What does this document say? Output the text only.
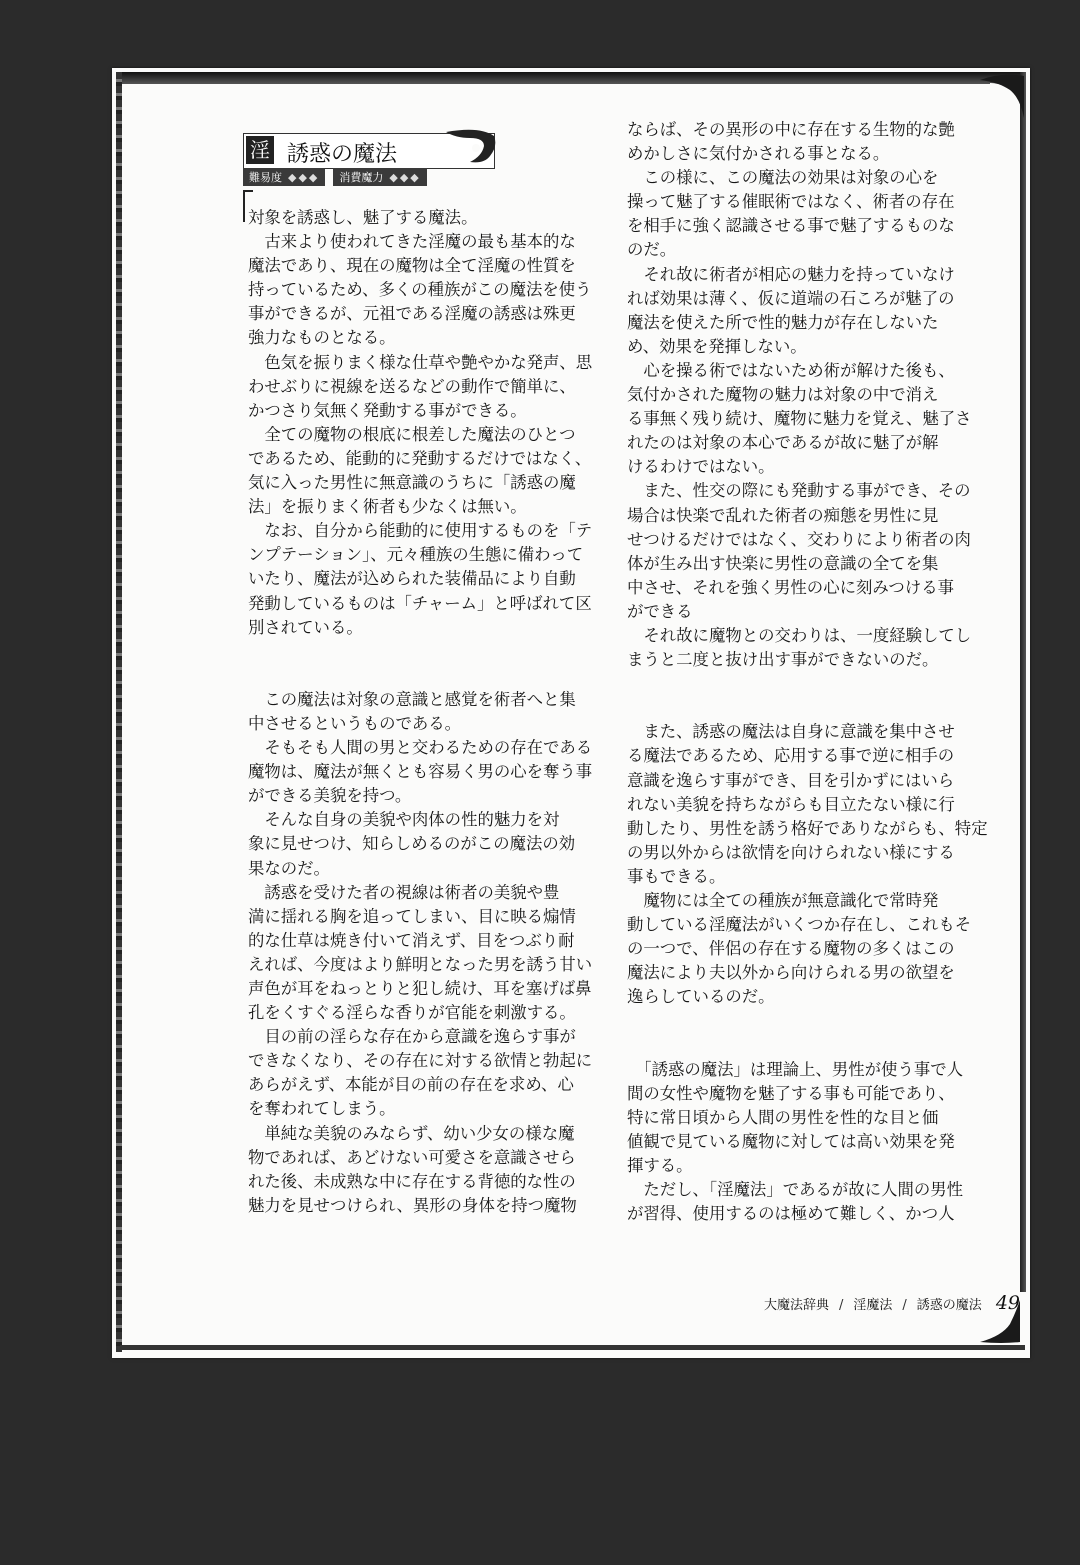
淫 誘惑の魔法
難易度 ◆◆◆ 消費魔力 ◆◆◆
対象を誘惑し、魅了する魔法。
　古来より使われてきた淫魔の最も基本的な
魔法であり、現在の魔物は全て淫魔の性質を
持っているため、多くの種族がこの魔法を使う
事ができるが、元祖である淫魔の誘惑は殊更
強力なものとなる。
　色気を振りまく様な仕草や艶やかな発声、思
わせぶりに視線を送るなどの動作で簡単に、
かつさり気無く発動する事ができる。
　全ての魔物の根底に根差した魔法のひとつ
であるため、能動的に発動するだけではなく、
気に入った男性に無意識のうちに「誘惑の魔
法」を振りまく術者も少なくは無い。
　なお、自分から能動的に使用するものを「テ
ンプテーション」、元々種族の生態に備わって
いたり、魔法が込められた装備品により自動
発動しているものは「チャーム」と呼ばれて区
別されている。
　この魔法は対象の意識と感覚を術者へと集
中させるというものである。
　そもそも人間の男と交わるための存在である
魔物は、魔法が無くとも容易く男の心を奪う事
ができる美貌を持つ。
　そんな自身の美貌や肉体の性的魅力を対
象に見せつけ、知らしめるのがこの魔法の効
果なのだ。
　誘惑を受けた者の視線は術者の美貌や豊
満に揺れる胸を追ってしまい、目に映る煽情
的な仕草は焼き付いて消えず、目をつぶり耐
えれば、今度はより鮮明となった男を誘う甘い
声色が耳をねっとりと犯し続け、耳を塞げば鼻
孔をくすぐる淫らな香りが官能を刺激する。
　目の前の淫らな存在から意識を逸らす事が
できなくなり、その存在に対する欲情と勃起に
あらがえず、本能が目の前の存在を求め、心
を奪われてしまう。
　単純な美貌のみならず、幼い少女の様な魔
物であれば、あどけない可愛さを意識させら
れた後、未成熟な中に存在する背徳的な性の
魅力を見せつけられ、異形の身体を持つ魔物
ならば、その異形の中に存在する生物的な艶
めかしさに気付かされる事となる。
　この様に、この魔法の効果は対象の心を
操って魅了する催眠術ではなく、術者の存在
を相手に強く認識させる事で魅了するものな
のだ。
　それ故に術者が相応の魅力を持っていなけ
れば効果は薄く、仮に道端の石ころが魅了の
魔法を使えた所で性的魅力が存在しないた
め、効果を発揮しない。
　心を操る術ではないため術が解けた後も、
気付かされた魔物の魅力は対象の中で消え
る事無く残り続け、魔物に魅力を覚え、魅了さ
れたのは対象の本心であるが故に魅了が解
けるわけではない。
　また、性交の際にも発動する事ができ、その
場合は快楽で乱れた術者の痴態を男性に見
せつけるだけではなく、交わりにより術者の肉
体が生み出す快楽に男性の意識の全てを集
中させ、それを強く男性の心に刻みつける事
ができる
　それ故に魔物との交わりは、一度経験してし
まうと二度と抜け出す事ができないのだ。
　また、誘惑の魔法は自身に意識を集中させ
る魔法であるため、応用する事で逆に相手の
意識を逸らす事ができ、目を引かずにはいら
れない美貌を持ちながらも目立たない様に行
動したり、男性を誘う格好でありながらも、特定
の男以外からは欲情を向けられない様にする
事もできる。
　魔物には全ての種族が無意識化で常時発
動している淫魔法がいくつか存在し、これもそ
の一つで、伴侶の存在する魔物の多くはこの
魔法により夫以外から向けられる男の欲望を
逸らしているのだ。
　「誘惑の魔法」は理論上、男性が使う事で人
間の女性や魔物を魅了する事も可能であり、
特に常日頃から人間の男性を性的な目と価
値観で見ている魔物に対しては高い効果を発
揮する。
　ただし、「淫魔法」であるが故に人間の男性
が習得、使用するのは極めて難しく、かつ人
大魔法辞典 / 淫魔法 / 誘惑の魔法 49
